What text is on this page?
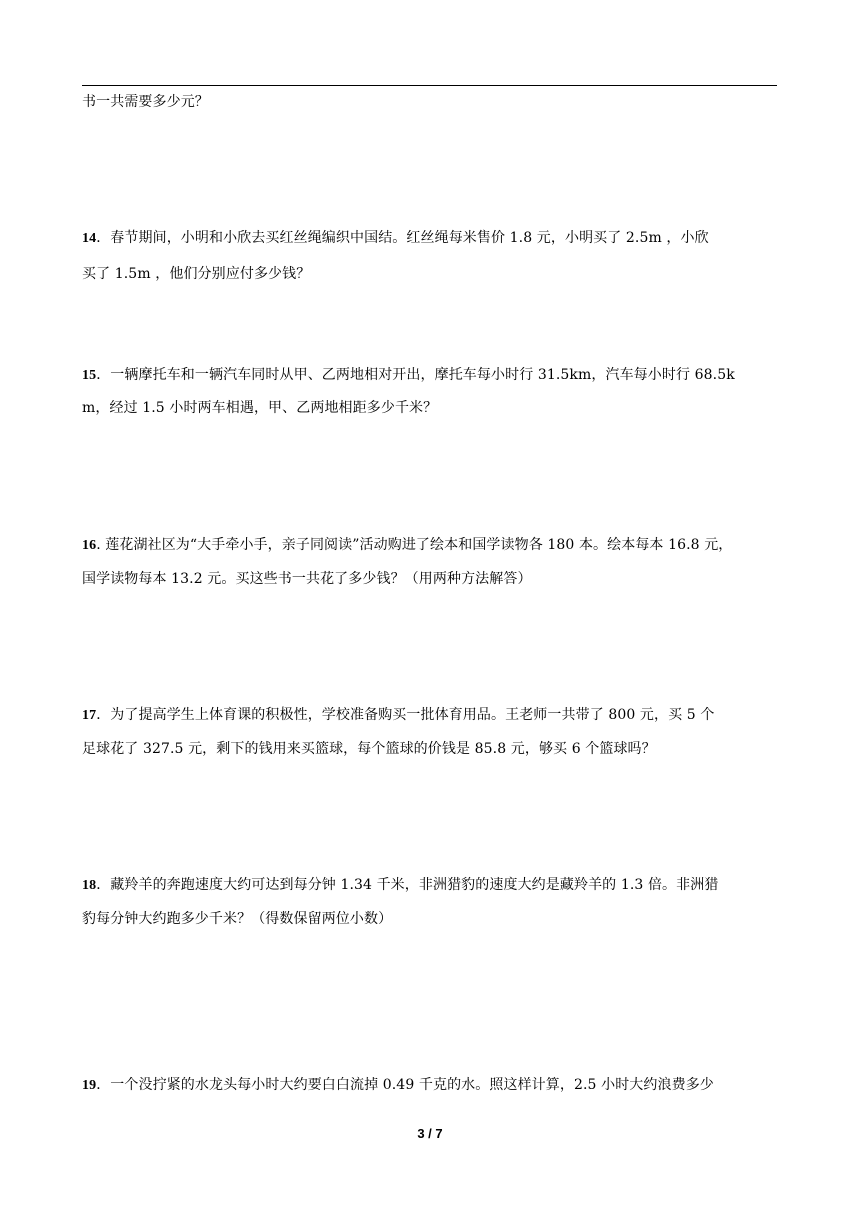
书一共需要多少元？
14．春节期间，小明和小欣去买红丝绳编织中国结。红丝绳每米售价 1.8 元，小明买了 2.5m ，小欣
买了 1.5m ，他们分别应付多少钱？
15．一辆摩托车和一辆汽车同时从甲、乙两地相对开出，摩托车每小时行 31.5km，汽车每小时行 68.5k
m，经过 1.5 小时两车相遇，甲、乙两地相距多少千米？
16. 莲花湖社区为“大手牵小手，亲子同阅读”活动购进了绘本和国学读物各 180 本。绘本每本 16.8 元，
国学读物每本 13.2 元。买这些书一共花了多少钱？（用两种方法解答）
17．为了提高学生上体育课的积极性，学校准备购买一批体育用品。王老师一共带了 800 元，买 5 个
足球花了 327.5 元，剩下的钱用来买篮球，每个篮球的价钱是 85.8 元，够买 6 个篮球吗？
18．藏羚羊的奔跑速度大约可达到每分钟 1.34 千米，非洲猎豹的速度大约是藏羚羊的 1.3 倍。非洲猎
豹每分钟大约跑多少千米？（得数保留两位小数）
19．一个没拧紧的水龙头每小时大约要白白流掉 0.49 千克的水。照这样计算，2.5 小时大约浪费多少
3 / 7
